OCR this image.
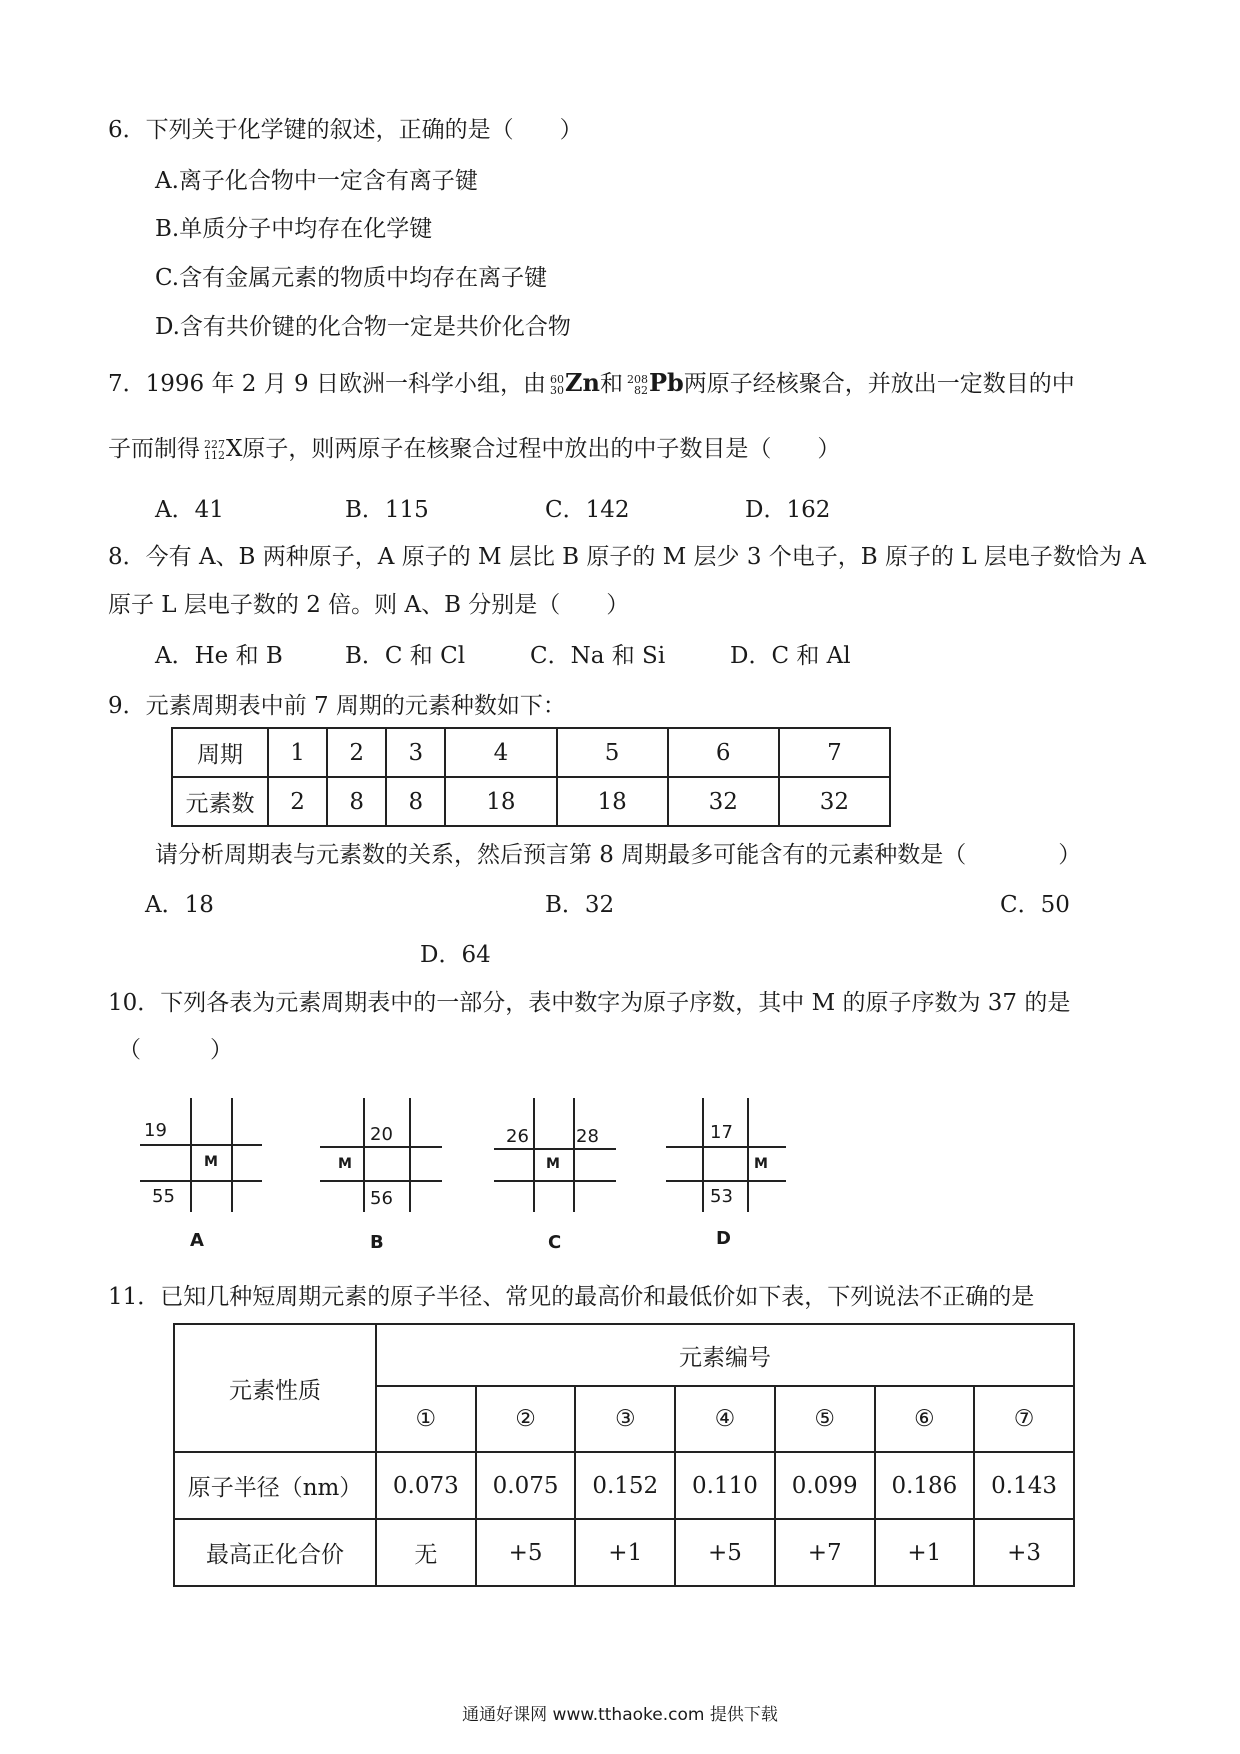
6．下列关于化学键的叙述，正确的是（　　）
A.离子化合物中一定含有离子键
B.单质分子中均存在化学键
C.含有金属元素的物质中均存在离子键
D.含有共价键的化合物一定是共价化合物
7．1996 年 2 月 9 日欧洲一科学小组，由 60
30 Zn和 208
82 Pb两原子经核聚合，并放出一定数目的中
子而制得 227
112 X原子，则两原子在核聚合过程中放出的中子数目是（　　）
A．41	B．115	C．142	D．162
8．今有 A、B 两种原子，A 原子的 M 层比 B 原子的 M 层少 3 个电子，B 原子的 L 层电子数恰为 A
原子 L 层电子数的 2 倍。则 A、B 分别是（　　）
A．He 和 B	B．C 和 Cl	C．Na 和 Si	D．C 和 Al
9．元素周期表中前 7 周期的元素种数如下：
周期	1	2	3	4	5	6	7
元素数	2	8	8	18	18	32	32
请分析周期表与元素数的关系，然后预言第 8 周期最多可能含有的元素种数是（　　　　）
A．18	B．32	C．50
D．64
10．下列各表为元素周期表中的一部分，表中数字为原子序数，其中 M 的原子序数为 37 的是
（　　　）
19
M
55
A
20
M
56
B
26	28
M
C
17
M
53
D
11．已知几种短周期元素的原子半径、常见的最高价和最低价如下表，下列说法不正确的是
元素性质	元素编号						
	①	②	③	④	⑤	⑥	⑦
原子半径（nm）	0.073	0.075	0.152	0.110	0.099	0.186	0.143
最高正化合价	无	+5	+1	+5	+7	+1	+3
通通好课网 www.tthaoke.com 提供下载
